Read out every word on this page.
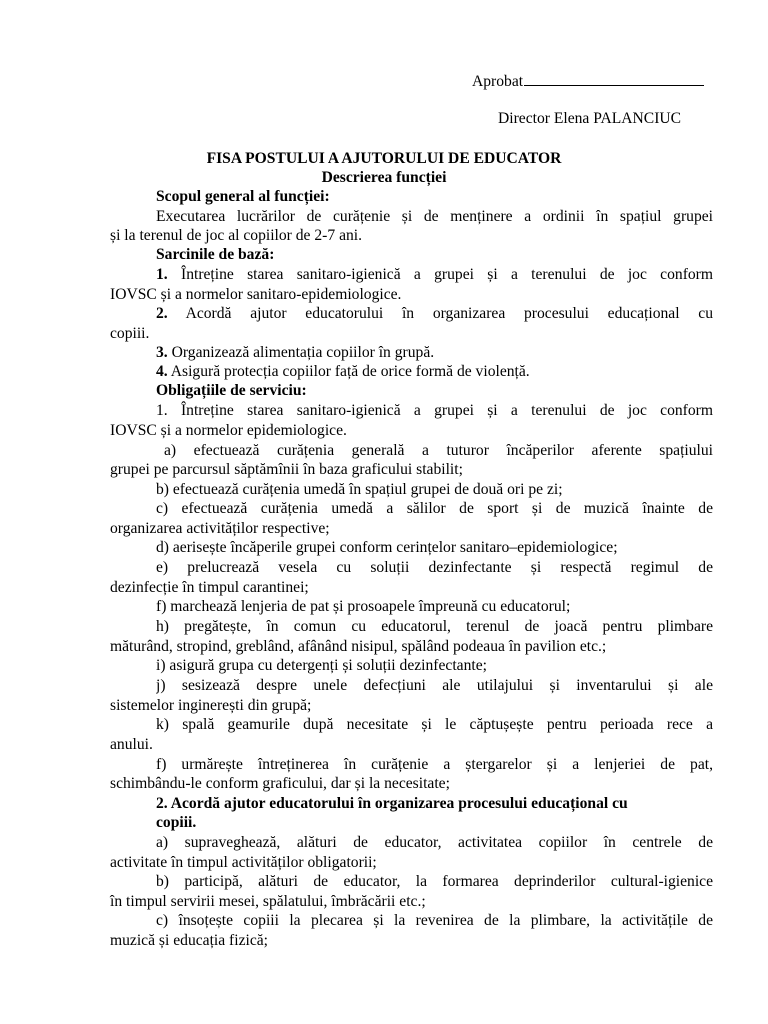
Aprobat
Director Elena PALANCIUC
FISA POSTULUI A AJUTORULUI DE EDUCATOR
Descrierea funcției
Scopul general al funcției:
Executarea lucrărilor de curățenie și de menținere a ordinii în spațiul grupei
și la terenul de joc al copiilor de 2-7 ani.
Sarcinile de bază:
1. Întreține starea sanitaro-igienică a grupei și a terenului de joc conform
IOVSC și a normelor sanitaro-epidemiologice.
2. Acordă ajutor educatorului în organizarea procesului educațional cu
copiii.
3. Organizează alimentația copiilor în grupă.
4. Asigură protecția copiilor față de orice formă de violență.
Obligațiile de serviciu:
1. Întreține starea sanitaro-igienică a grupei și a terenului de joc conform
IOVSC și a normelor epidemiologice.
a) efectuează curățenia generală a tuturor încăperilor aferente spațiului
grupei pe parcursul săptămînii în baza graficului stabilit;
b) efectuează curățenia umedă în spațiul grupei de două ori pe zi;
c) efectuează curățenia umedă a sălilor de sport și de muzică înainte de
organizarea activităților respective;
d) aerisește încăperile grupei conform cerințelor sanitaro–epidemiologice;
e) prelucrează vesela cu soluții dezinfectante și respectă regimul de
dezinfecție în timpul carantinei;
f) marchează lenjeria de pat și prosoapele împreună cu educatorul;
h) pregătește, în comun cu educatorul, terenul de joacă pentru plimbare
măturând, stropind, greblând, afânând nisipul, spălând podeaua în pavilion etc.;
i) asigură grupa cu detergenți și soluții dezinfectante;
j) sesizează despre unele defecțiuni ale utilajului și inventarului și ale
sistemelor inginerești din grupă;
k) spală geamurile după necesitate și le căptușește pentru perioada rece a
anului.
f) urmărește întreținerea în curățenie a ștergarelor și a lenjeriei de pat,
schimbându-le conform graficului, dar și la necesitate;
2. Acordă ajutor educatorului în organizarea procesului educațional cu
copiii.
a) supraveghează, alături de educator, activitatea copiilor în centrele de
activitate în timpul activităților obligatorii;
b) participă, alături de educator, la formarea deprinderilor cultural-igienice
în timpul servirii mesei, spălatului, îmbrăcării etc.;
c) însoțește copiii la plecarea și la revenirea de la plimbare, la activitățile de
muzică și educația fizică;
